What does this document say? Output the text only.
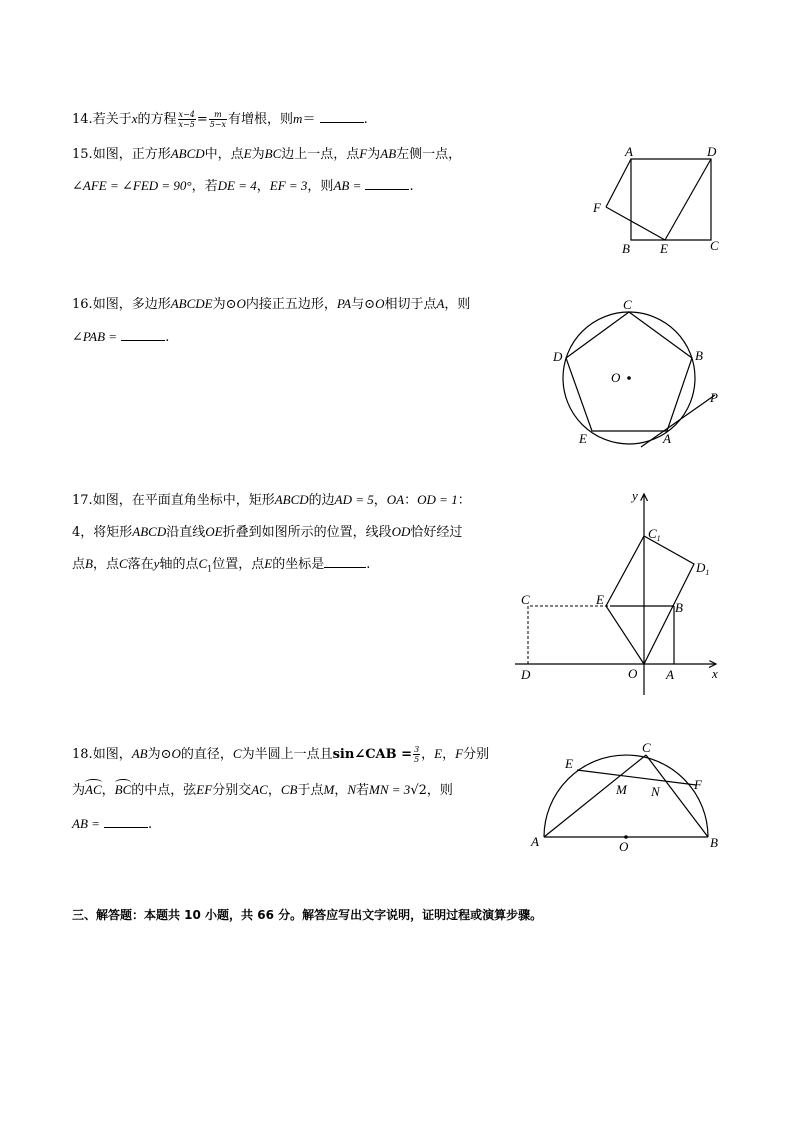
14.若关于x的方程 $\frac{x-4}{x-5} = \frac{m}{5-x}$ 有增根，则m＝	.
15.如图，正方形ABCD中，点E为BC边上一点，点F为AB左侧一点，
∠AFE = ∠FED = 90°，若DE = 4，EF = 3，则AB =	.
A	D
F
B E	C
16.如图，多边形ABCDE为⊙O内接正五边形，PA与⊙O相切于点A，则
∠PAB =	.
C
B
D
O
E	A
P
17.如图，在平面直角坐标中，矩形ABCD的边AD = 5，OA：OD = 1：
4，将矩形ABCD沿直线OE折叠到如图所示的位置，线段OD恰好经过
点B，点C落在y轴的点$C_1$位置，点E的坐标是	.
y
x
$C_1$
$D_1$
C	E
B
D	O A
18.如图，AB为⊙O的直径，C为半圆上一点且sin∠CAB = $\frac{3}{5}$ ，E，F分别
为AC，BC的中点，弦EF分别交AC，CB于点M，N若MN = 3√2，则
AB =	.
C
E
F
M N
A	O	B
三、解答题：本题共 10 小题，共 66 分。解答应写出文字说明，证明过程或演算步骤。
